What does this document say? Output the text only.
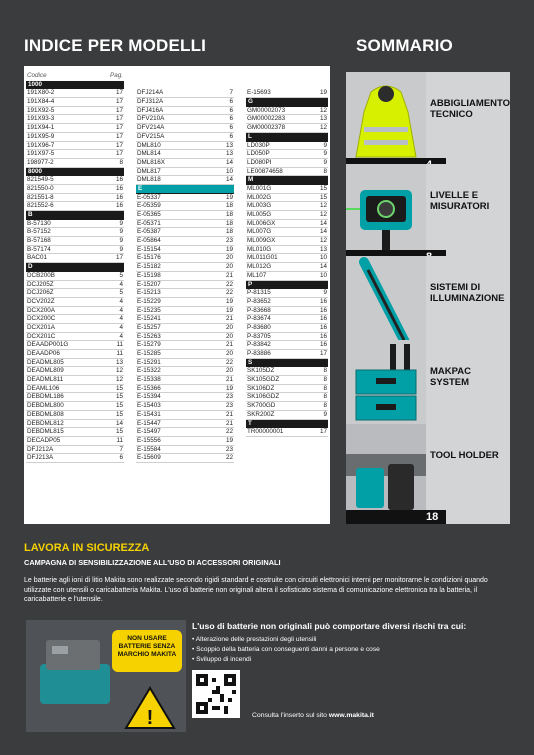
INDICE PER MODELLI	SOMMARIO
Codice	Pag.
1000
191X80-2	17
191X84-4	17
191X92-5	17
191X93-3	17
191X94-1	17
191X95-9	17
191X96-7	17
191X97-5	17
198977-2	8
8000
821549-5	16
821550-0	16
821551-8	16
821552-6	16
B
B-57130	9
B-57152	9
B-57168	9
B-57174	9
BAC01	17
D
DCB200B	5
DCJ205Z	4
DCJ206Z	5
DCV202Z	4
DCX200A	4
DCX200C	4
DCX201A	4
DCX201C	4
DEAADP001G	11
DEAADP06	11
DEADML805	13
DEADML809	12
DEADML811	12
DEAML106	15
DEBDML186	15
DEBDML800	15
DEBDML808	15
DEBDML812	14
DEBDML815	15
DECADP05	11
DFJ212A	7
DFJ213A	6
DFJ214A	7
DFJ312A	6
DFJ416A	6
DFV210A	6
DFV214A	6
DFV215A	6
DML810	13
DML814	13
DML816X	14
DML817	10
DML818	14
E
E-05337	19
E-05359	18
E-05365	18
E-05371	18
E-05387	18
E-05864	23
E-15154	19
E-15176	20
E-15182	20
E-15198	21
E-15207	22
E-15213	22
E-15229	19
E-15235	19
E-15241	21
E-15257	20
E-15263	20
E-15279	21
E-15285	20
E-15291	22
E-15322	20
E-15338	21
E-15366	19
E-15394	23
E-15403	23
E-15431	21
E-15447	21
E-15497	22
E-15556	19
E-15584	23
E-15609	22
E-15693	19
G
GM00002073	12
GM00002283	13
GM00002378	12
L
LD030P	9
LD050P	9
LD080PI	9
LE00874658	8
M
ML001G	15
ML002G	15
ML003G	12
ML005G	12
ML006GX	14
ML007G	14
ML009GX	12
ML010G	13
ML011G01	10
ML012G	14
ML107	10
P
P-81315	9
P-83652	16
P-83668	16
P-83674	16
P-83680	16
P-83705	16
P-83842	16
P-83886	17
S
SK105DZ	8
SK105GDZ	8
SK106DZ	8
SK106GDZ	8
SK700GD	8
SKR200Z	9
T
TR00000001	17
ABBIGLIAMENTO TECNICO
LIVELLE E MISURATORI
SISTEMI DI ILLUMINAZIONE
MAKPAC SYSTEM
TOOL HOLDER
18
LAVORA IN SICUREZZA
CAMPAGNA DI SENSIBILIZZAZIONE ALL'USO DI ACCESSORI ORIGINALI
Le batterie agli ioni di litio Makita sono realizzate secondo rigidi standard e costruite con circuiti elettronici interni per monitorarne le condizioni quando utilizzate con utensili o caricabatteria Makita. L'uso di batterie non originali altera il sofisticato sistema di comunicazione elettronica tra la batteria, il caricabatterie e l'utensile.
!
NON USARE BATTERIE SENZA MARCHIO MAKITA
L'uso di batterie non originali può comportare diversi rischi tra cui:
• Alterazione delle prestazioni degli utensili
• Scoppio della batteria con conseguenti danni a persone e cose
• Sviluppo di incendi
Consulta l'inserto sul sito www.makita.it
